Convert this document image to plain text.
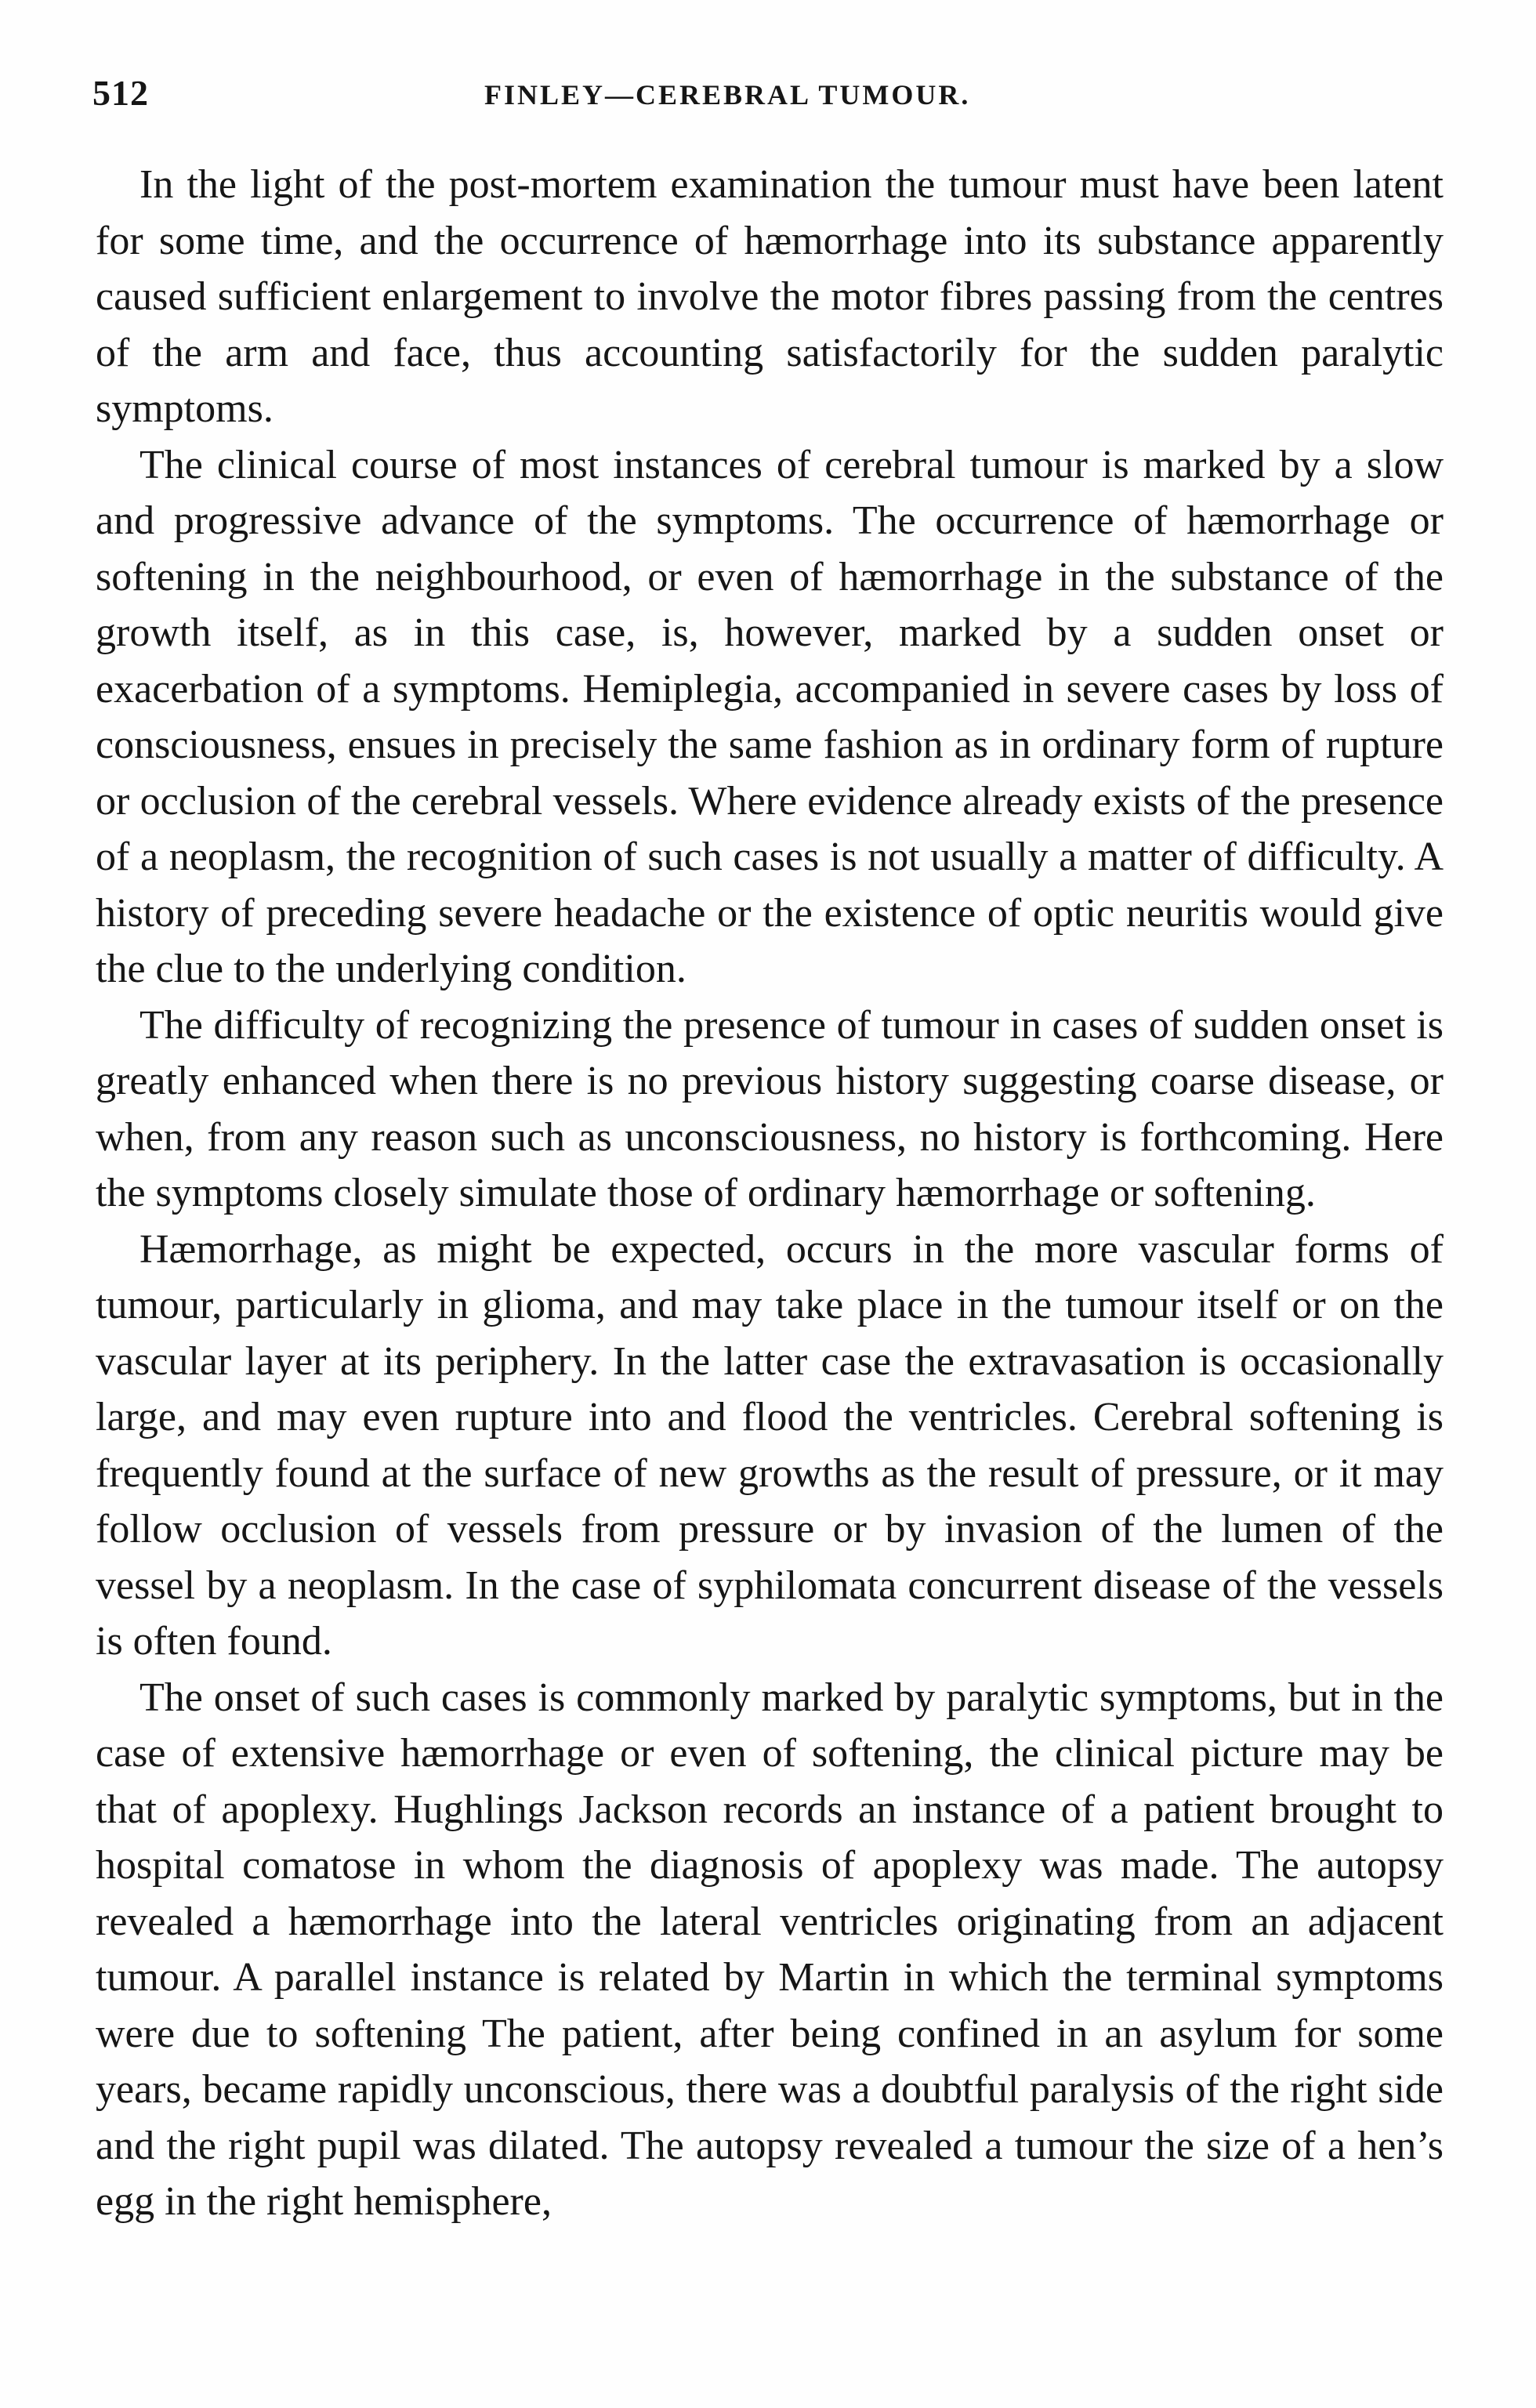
512	FINLEY—CEREBRAL TUMOUR.

In the light of the post-mortem examination the tumour must have been latent for some time, and the occurrence of hæmorrhage into its substance apparently caused sufficient enlargement to involve the motor fibres passing from the centres of the arm and face, thus accounting satisfactorily for the sudden paralytic symptoms.

The clinical course of most instances of cerebral tumour is marked by a slow and progressive advance of the symptoms. The occurrence of hæmorrhage or softening in the neighbourhood, or even of hæmorrhage in the substance of the growth itself, as in this case, is, however, marked by a sudden onset or exacerbation of a symptoms. Hemiplegia, accompanied in severe cases by loss of consciousness, ensues in precisely the same fashion as in ordinary form of rupture or occlusion of the cerebral vessels. Where evidence already exists of the presence of a neoplasm, the recognition of such cases is not usually a matter of difficulty. A history of preceding severe headache or the existence of optic neuritis would give the clue to the underlying condition.

The difficulty of recognizing the presence of tumour in cases of sudden onset is greatly enhanced when there is no previous history suggesting coarse disease, or when, from any reason such as unconsciousness, no history is forthcoming. Here the symptoms closely simulate those of ordinary hæmorrhage or softening.

Hæmorrhage, as might be expected, occurs in the more vascular forms of tumour, particularly in glioma, and may take place in the tumour itself or on the vascular layer at its periphery. In the latter case the extravasation is occasionally large, and may even rupture into and flood the ventricles. Cerebral softening is frequently found at the surface of new growths as the result of pressure, or it may follow occlusion of vessels from pressure or by invasion of the lumen of the vessel by a neoplasm. In the case of syphilomata concurrent disease of the vessels is often found.

The onset of such cases is commonly marked by paralytic symptoms, but in the case of extensive hæmorrhage or even of softening, the clinical picture may be that of apoplexy. Hughlings Jackson records an instance of a patient brought to hospital comatose in whom the diagnosis of apoplexy was made. The autopsy revealed a hæmorrhage into the lateral ventricles originating from an adjacent tumour. A parallel instance is related by Martin in which the terminal symptoms were due to softening The patient, after being confined in an asylum for some years, became rapidly unconscious, there was a doubtful paralysis of the right side and the right pupil was dilated. The autopsy revealed a tumour the size of a hen’s egg in the right hemisphere,
